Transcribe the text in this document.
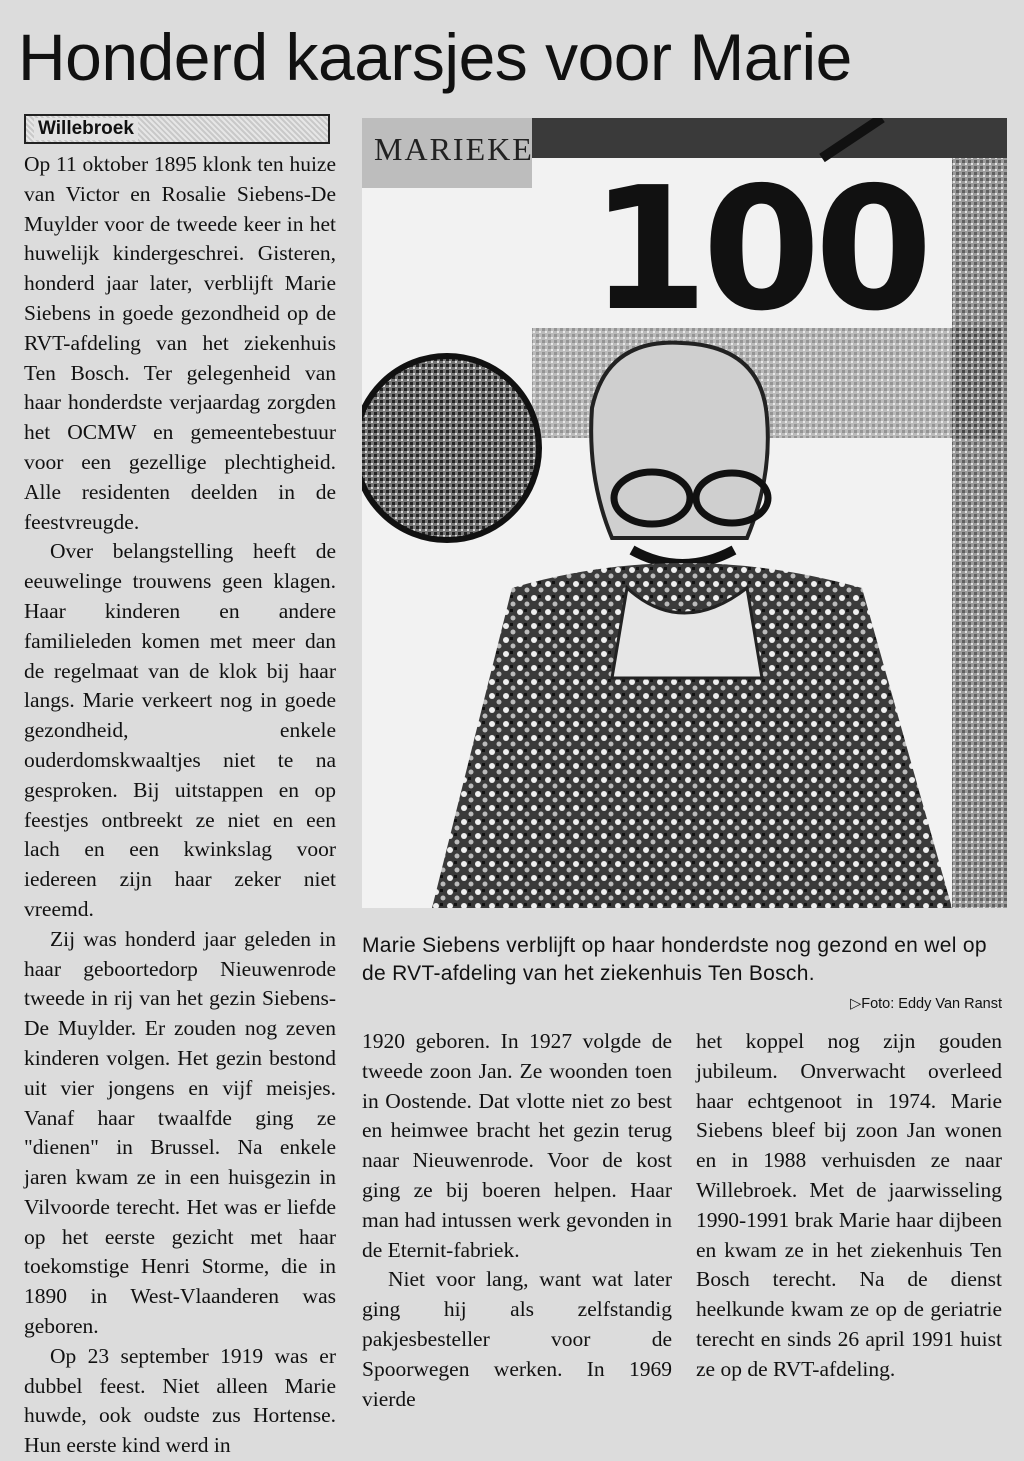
Honderd kaarsjes voor Marie
Willebroek

Op 11 oktober 1895 klonk ten huize van Victor en Rosalie Siebens-De Muylder voor de tweede keer in het huwelijk kindergeschrei. Gisteren, honderd jaar later, verblijft Marie Siebens in goede gezondheid op de RVT-afdeling van het ziekenhuis Ten Bosch. Ter gelegenheid van haar honderdste verjaardag zorgden het OCMW en gemeentebestuur voor een gezellige plechtigheid. Alle residenten deelden in de feestvreugde.

Over belangstelling heeft de eeuwelinge trouwens geen klagen. Haar kinderen en andere familieleden komen met meer dan de regelmaat van de klok bij haar langs. Marie verkeert nog in goede gezondheid, enkele ouderdomskwaaltjes niet te na gesproken. Bij uitstappen en op feestjes ontbreekt ze niet en een lach en een kwinkslag voor iedereen zijn haar zeker niet vreemd.

Zij was honderd jaar geleden in haar geboortedorp Nieuwenrode tweede in rij van het gezin Siebens-De Muylder. Er zouden nog zeven kinderen volgen. Het gezin bestond uit vier jongens en vijf meisjes. Vanaf haar twaalfde ging ze "dienen" in Brussel. Na enkele jaren kwam ze in een huisgezin in Vilvoorde terecht. Het was er liefde op het eerste gezicht met haar toekomstige Henri Storme, die in 1890 in West-Vlaanderen was geboren.

Op 23 september 1919 was er dubbel feest. Niet alleen Marie huwde, ook oudste zus Hortense. Hun eerste kind werd in

MARIEKE
100
Marie Siebens verblijft op haar honderdste nog gezond en wel op de RVT-afdeling van het ziekenhuis Ten Bosch.
▷Foto: Eddy Van Ranst

1920 geboren. In 1927 volgde de tweede zoon Jan. Ze woonden toen in Oostende. Dat vlotte niet zo best en heimwee bracht het gezin terug naar Nieuwenrode. Voor de kost ging ze bij boeren helpen. Haar man had intussen werk gevonden in de Eternit-fabriek.

Niet voor lang, want wat later ging hij als zelfstandig pakjesbesteller voor de Spoorwegen werken. In 1969 vierde

het koppel nog zijn gouden jubileum. Onverwacht overleed haar echtgenoot in 1974. Marie Siebens bleef bij zoon Jan wonen en in 1988 verhuisden ze naar Willebroek. Met de jaarwisseling 1990-1991 brak Marie haar dijbeen en kwam ze in het ziekenhuis Ten Bosch terecht. Na de dienst heelkunde kwam ze op de geriatrie terecht en sinds 26 april 1991 huist ze op de RVT-afdeling.
